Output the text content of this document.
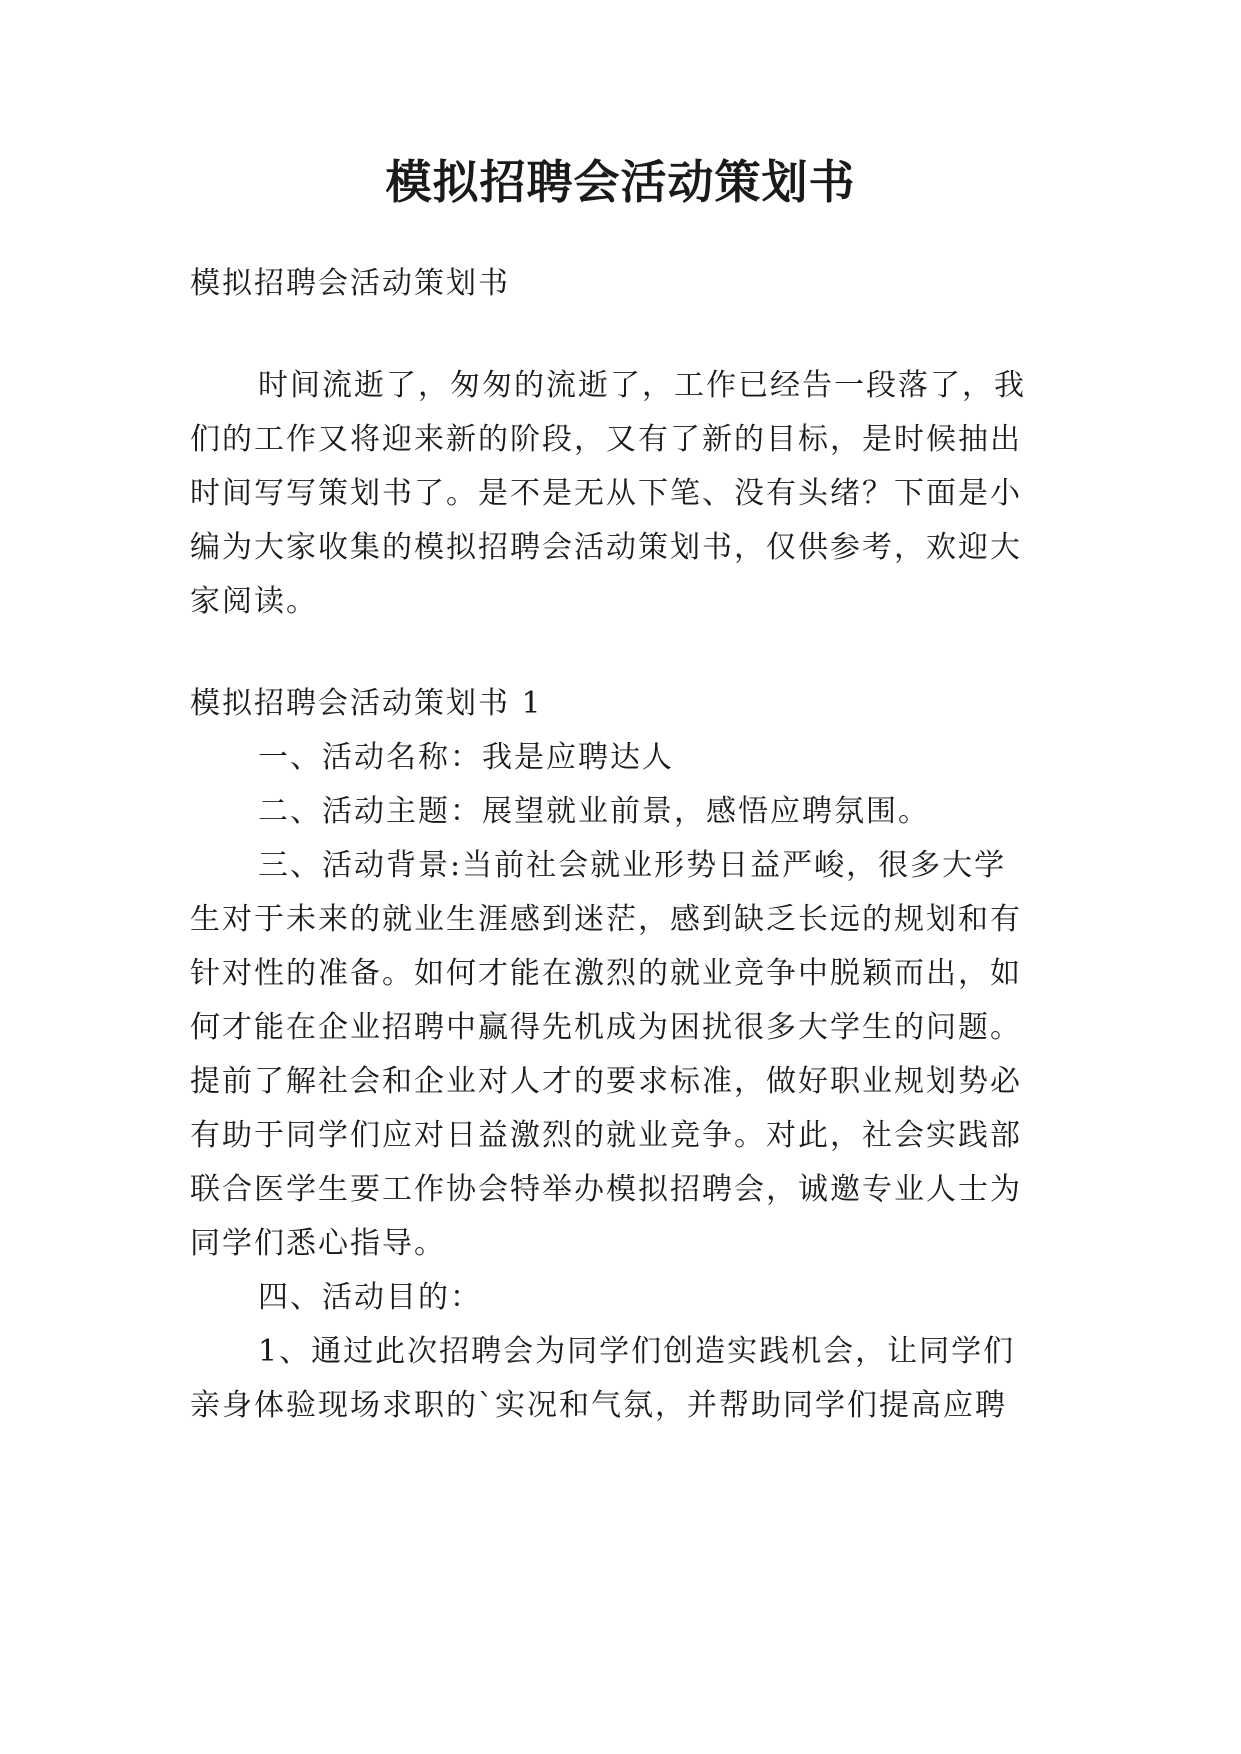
模拟招聘会活动策划书
模拟招聘会活动策划书
时间流逝了，匆匆的流逝了，工作已经告一段落了，我
们的工作又将迎来新的阶段，又有了新的目标，是时候抽出
时间写写策划书了。是不是无从下笔、没有头绪？下面是小
编为大家收集的模拟招聘会活动策划书，仅供参考，欢迎大
家阅读。
模拟招聘会活动策划书 1
一、活动名称：我是应聘达人
二、活动主题：展望就业前景，感悟应聘氛围。
三、活动背景:当前社会就业形势日益严峻，很多大学
生对于未来的就业生涯感到迷茫，感到缺乏长远的规划和有
针对性的准备。如何才能在激烈的就业竞争中脱颖而出，如
何才能在企业招聘中赢得先机成为困扰很多大学生的问题。
提前了解社会和企业对人才的要求标准，做好职业规划势必
有助于同学们应对日益激烈的就业竞争。对此，社会实践部
联合医学生要工作协会特举办模拟招聘会，诚邀专业人士为
同学们悉心指导。
四、活动目的：
1、通过此次招聘会为同学们创造实践机会，让同学们
亲身体验现场求职的`实况和气氛，并帮助同学们提高应聘
